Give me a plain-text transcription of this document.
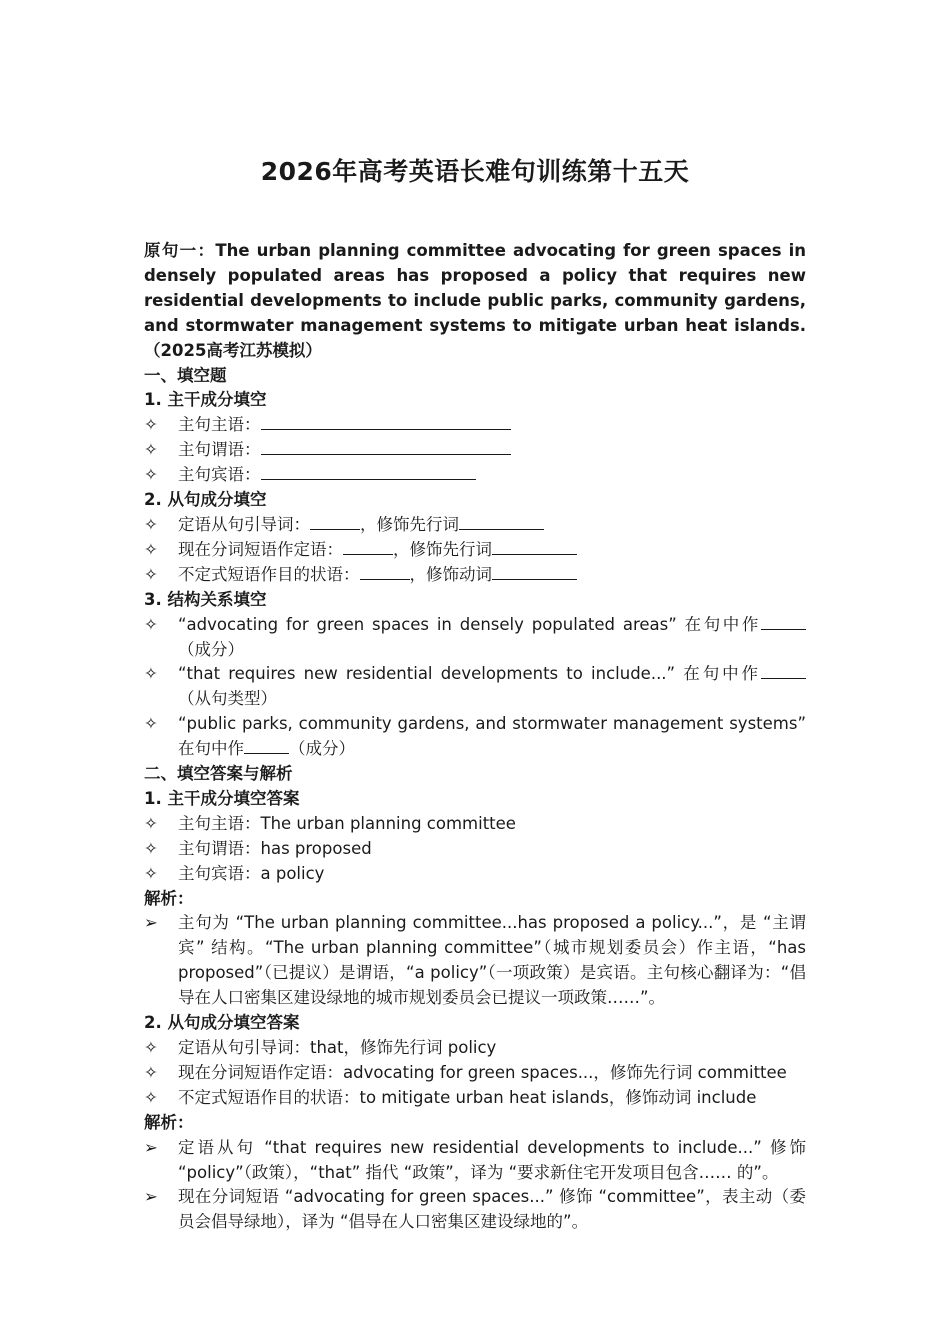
2026年高考英语长难句训练第十五天
原句一：The urban planning committee advocating for green spaces in densely populated areas has proposed a policy that requires new residential developments to include public parks, community gardens, and stormwater management systems to mitigate urban heat islands.（2025高考江苏模拟）
一、填空题
1. 主干成分填空
✧	主句主语：
✧	主句谓语：
✧	主句宾语：
2. 从句成分填空
✧	定语从句引导词：	，修饰先行词
✧	现在分词短语作定语：	，修饰先行词
✧	不定式短语作目的状语：	，修饰动词
3. 结构关系填空
✧	“advocating for green spaces in densely populated areas” 在句中作（成分）
✧	“that requires new residential developments to include...” 在句中作（从句类型）
✧	“public parks, community gardens, and stormwater management systems” 在句中作	（成分）
二、填空答案与解析
1. 主干成分填空答案
✧	主句主语：The urban planning committee
✧	主句谓语：has proposed
✧	主句宾语：a policy
解析：
➢	主句为 “The urban planning committee...has proposed a policy...”，是 “主谓宾” 结构。“The urban planning committee”（城市规划委员会）作主语，“has proposed”（已提议）是谓语，“a policy”（一项政策）是宾语。主句核心翻译为：“倡导在人口密集区建设绿地的城市规划委员会已提议一项政策……”。
2. 从句成分填空答案
✧	定语从句引导词：that，修饰先行词 policy
✧	现在分词短语作定语：advocating for green spaces...，修饰先行词 committee
✧	不定式短语作目的状语：to mitigate urban heat islands，修饰动词 include
解析：
➢	定语从句 “that requires new residential developments to include...” 修饰 “policy”（政策），“that” 指代 “政策”，译为 “要求新住宅开发项目包含…… 的”。
➢	现在分词短语 “advocating for green spaces...” 修饰 “committee”，表主动（委员会倡导绿地），译为 “倡导在人口密集区建设绿地的”。
